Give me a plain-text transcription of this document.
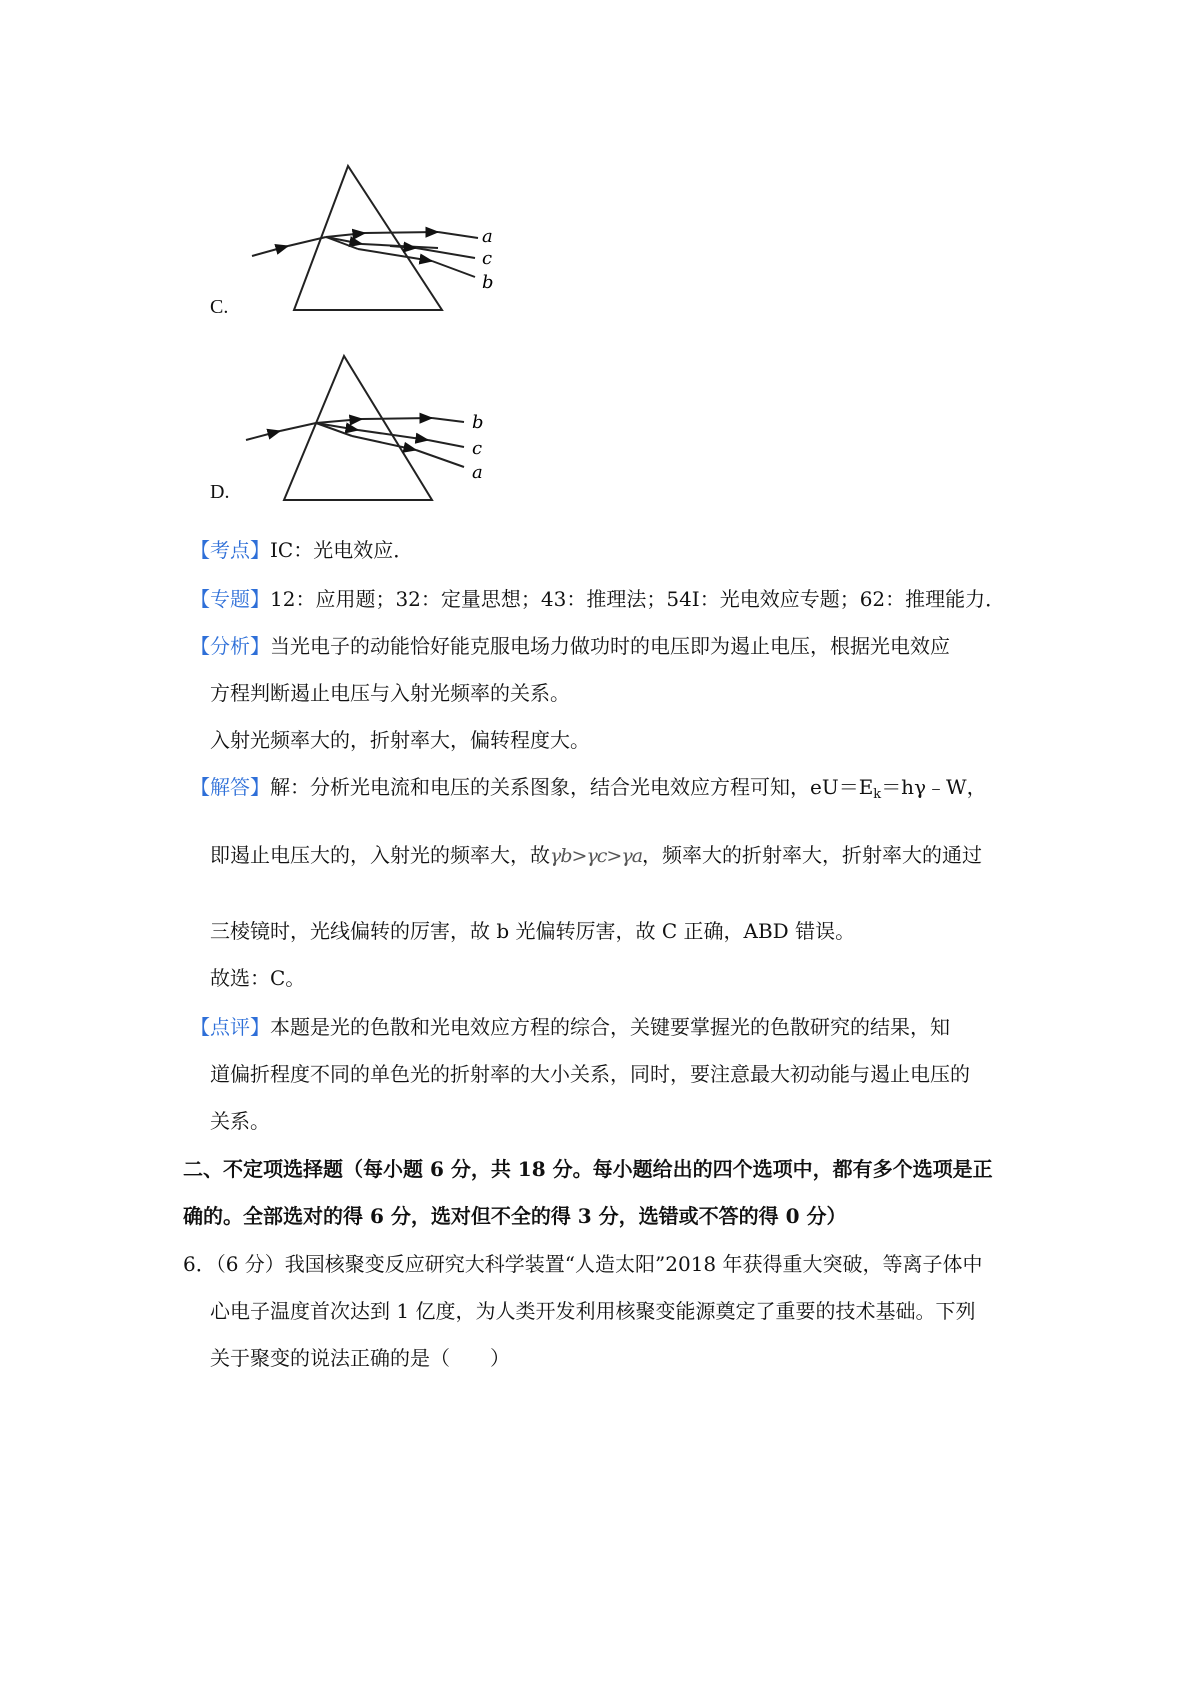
C.
a
c
b
D.
b
c
a
【考点】IC：光电效应．
【专题】12：应用题；32：定量思想；43：推理法；54I：光电效应专题；62：推理能力．
【分析】当光电子的动能恰好能克服电场力做功时的电压即为遏止电压，根据光电效应
方程判断遏止电压与入射光频率的关系。
入射光频率大的，折射率大，偏转程度大。
【解答】解：分析光电流和电压的关系图象，结合光电效应方程可知，$eU=E_k=h\gamma﹣W$，
即遏止电压大的，入射光的频率大，故γb>γc>γa，频率大的折射率大，折射率大的通过
三棱镜时，光线偏转的厉害，故 b 光偏转厉害，故 C 正确，ABD 错误。
故选：C。
【点评】本题是光的色散和光电效应方程的综合，关键要掌握光的色散研究的结果，知
道偏折程度不同的单色光的折射率的大小关系，同时，要注意最大初动能与遏止电压的
关系。
二、不定项选择题（每小题 6 分，共 18 分。每小题给出的四个选项中，都有多个选项是正
确的。全部选对的得 6 分，选对但不全的得 3 分，选错或不答的得 0 分）
6．（6 分）我国核聚变反应研究大科学装置“人造太阳”2018 年获得重大突破，等离子体中
心电子温度首次达到 1 亿度，为人类开发利用核聚变能源奠定了重要的技术基础。下列
关于聚变的说法正确的是（　　）
